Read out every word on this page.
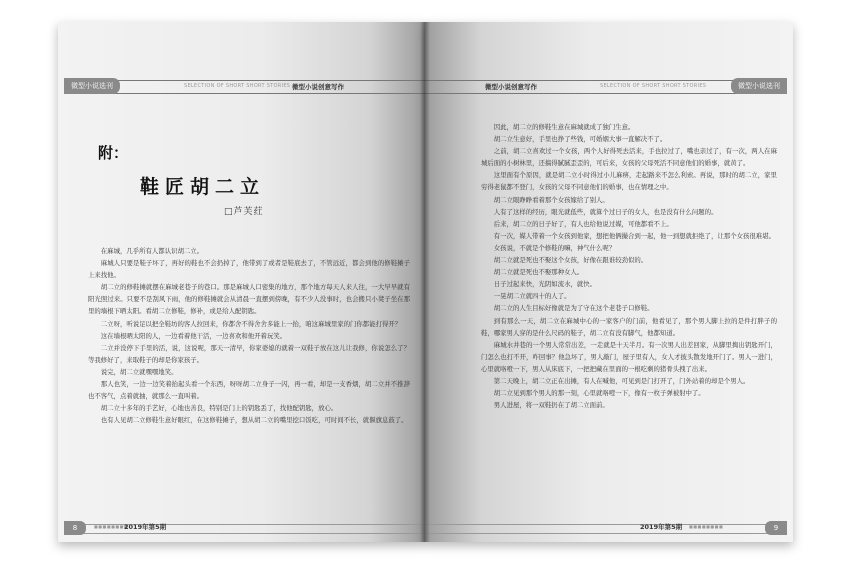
微型小说选刊	SELECTION OF SHORT SHORT STORIES 微型小说创意写作
附：
鞋匠胡二立
□芦芙荭

在麻城，几乎所有人都认识胡二立。

麻城人只要是鞋子坏了，再好的鞋也不会扔掉了，他带到了或者是鞋底去了，不管远近，都会到他的修鞋摊子上来找他。

胡二立的修鞋摊就摆在麻城老巷子的巷口。那是麻城人口密集的地方，那个地方每天人来人往，一大早早就有阳光照过来。只要不是刮风下雨，他的修鞋摊就会从清晨一直摆到傍晚，有不少人没事时，也会搬只小凳子坐在那里的墙根下晒太阳。看胡二立修鞋，修补，或是给人配钥匙。

二立呀，听说足以把全鞋坊的客人拉回来，你都舍不得舍舍多能上一抬，咱这麻城里家的门你都能打得开？

这在墙根晒太阳的人，一边看着他干活，一边喜欢和他开着玩笑。

二立并没停下手里的活，说，这说呢，那天一清早，你家婆媳的就着一双鞋子放在这儿让我修，你说怎么了？等我修好了，来取鞋子的却是你家孩子。

说完，胡二立就嘿嘿地笑。

那人也笑，一边一边笑着抬起头看一个东西，呀呀胡二立身子一闪，再一看，却是一支香烟，胡二立并不推辞也不客气，点着就抽，就那么一直叫着。

胡二立十多年的手艺好，心地也善良，特别是门上的钥匙丢了，找他配钥匙，放心。

也有人见胡二立修鞋生意好眼红，在这修鞋摊子，想从胡二立的嘴里挖口饭吃，可时间不长，就偃旗息鼓了。

8	■■■■■■■■
2019年第5期
微型小说创意写作	SELECTION OF SHORT SHORT STORIES	微型小说选刊

因此，胡二立的修鞋生意在麻城就成了独门生意。

胡二立生意好，手里也挣了些钱，可婚姻大事一直解决不了。

之前，胡二立喜欢过一个女孩，两个人好得死去活来，手也拉过了，嘴也亲过了，有一次，两人在麻城后面的小树林里，还搞得腻腻歪歪的，可后来，女孩的父母死活不同意他们的婚事，就黄了。

这里面有个原因，就是胡二立小时得过小儿麻痹，走起路来不怎么利索。再说，那时的胡二立，家里穷得老鼠都不登门，女孩的父母不同意他们的婚事，也在情理之中。

胡二立眼睁睁看着那个女孩嫁给了别人。

人有了这样的经历，眼光就低些，就算个过日子的女人，也是没有什么问题的。

后来，胡二立的日子好了，有人也给他说过媒，可他都看不上。

有一次，媒人带着一个女孩到他家，想把他俩撮合到一起，他一到想就拒绝了，让那个女孩很难堪。

女孩说，不就是个修鞋的嘛，神气什么呢？

胡二立就是死也不娶这个女孩，好像在跟谁较劲似的。

胡二立就是死也不娶那种女人。

日子过起来快，光阴如流水，就快。

一晃胡二立就四十的人了。

胡二立的人生目标好像就是为了守在这个老巷子口修鞋。

到有那么一天，胡二立在麻城中心的一家客户的门前，他看见了，那个男人脚上拉的是件打胖子的鞋，哪家男人穿的是什么尺码的鞋子，胡二立有没有脚气，他都知道。

麻城水井巷的一个男人常常出差，一走就是十天半月。有一次男人出差回家，从脚里掏出钥匙开门，门怎么也打不开，咋回事？他急坏了，男人敲门，屋子里有人，女人才披头散发地开门了。男人一进门，心里就咯噔一下，男人从床底下，一把把藏在里面的一根吃剩的猪骨头拽了出来。

第二天晚上，胡二立正在出摊，有人在喊他，可见到是门打开了，门外站着的却是个男人。

胡二立见到那个男人的那一刻，心里就咯噔一下，像有一枚子弹被射中了。

男人进屋，将一双鞋扔在了胡二立面前。

2019年第5期 ■■■■■■■■	9
